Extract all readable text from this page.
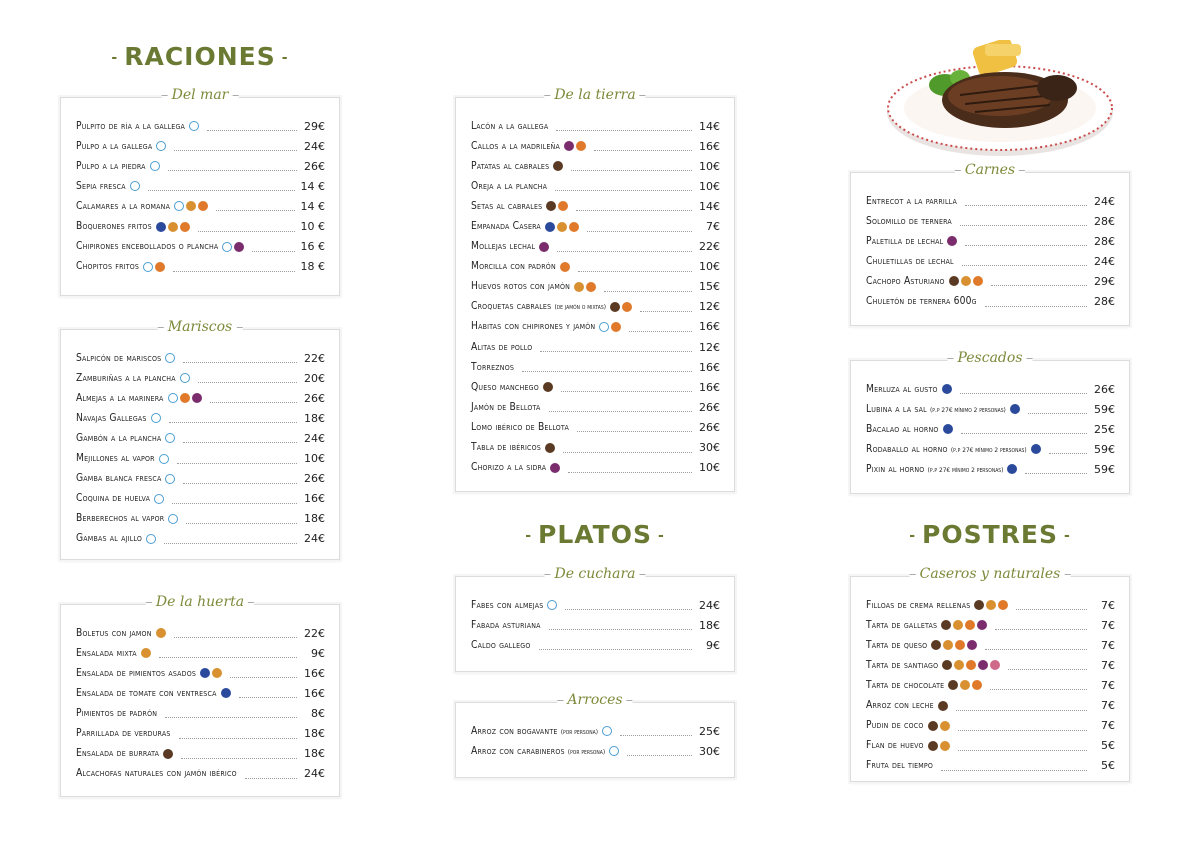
- RACIONES -
- PLATOS -	- POSTRES -
Del mar
Pulpito de ría a la gallega	29€
Pulpo a la gallega	24€
Pulpo a la piedra	26€
Sepia fresca	14 €
Calamares a la romana	14 €
Boquerones fritos	10 €
Chipirones encebollados o plancha	16 €
Chopitos fritos	18 €
Mariscos
Salpicón de mariscos	22€
Zamburiñas a la plancha	20€
Almejas a la marinera	26€
Navajas Gallegas	18€
Gambón a la plancha	24€
Mejillones al vapor	10€
Gamba blanca fresca	26€
Coquina de huelva	16€
Berberechos al vapor	18€
Gambas al ajillo	24€
De la huerta
Boletus con jamon	22€
Ensalada mixta	9€
Ensalada de pimientos asados	16€
Ensalada de tomate con ventresca	16€
Pimientos de padrón	8€
Parrillada de verduras	18€
Ensalada de burrata	18€
Alcachofas naturales con jamón ibérico	24€
De la tierra
Lacón a la gallega	14€
Callos a la madrileña	16€
Patatas al cabrales	10€
Oreja a la plancha	10€
Setas al cabrales	14€
Empanada Casera	7€
Mollejas lechal	22€
Morcilla con padrón	10€
Huevos rotos con jamón	15€
Croquetas cabrales (de jamón o mixtas)	12€
Habitas con chipirones y jamón	16€
Alitas de pollo	12€
Torreznos	16€
Queso manchego	16€
Jamón de Bellota	26€
Lomo ibérico de Bellota	26€
Tabla de ibéricos	30€
Chorizo a la sidra	10€
De cuchara
Fabes con almejas	24€
Fabada asturiana	18€
Caldo gallego	9€
Arroces
Arroz con bogavante (por persona)	25€
Arroz con carabineros (por persona)	30€
Carnes
Entrecot a la parrilla	24€
Solomillo de ternera	28€
Paletilla de lechal	28€
Chuletillas de lechal	24€
Cachopo Asturiano	29€
Chuletón de ternera 600g	28€
Pescados
Merluza al gusto	26€
Lubina a la sal (p.p 27€ mínimo 2 personas)	59€
Bacalao al horno	25€
Rodaballo al horno (p.p 27€ mínimo 2 personas)	59€
Pixin al horno (p.p 27€ mínimo 2 personas)	59€
Caseros y naturales
Filloas de crema rellenas	7€
Tarta de galletas	7€
Tarta de queso	7€
Tarta de santiago	7€
Tarta de chocolate	7€
Arroz con leche	7€
Pudin de coco	7€
Flan de huevo	5€
Fruta del tiempo	5€
